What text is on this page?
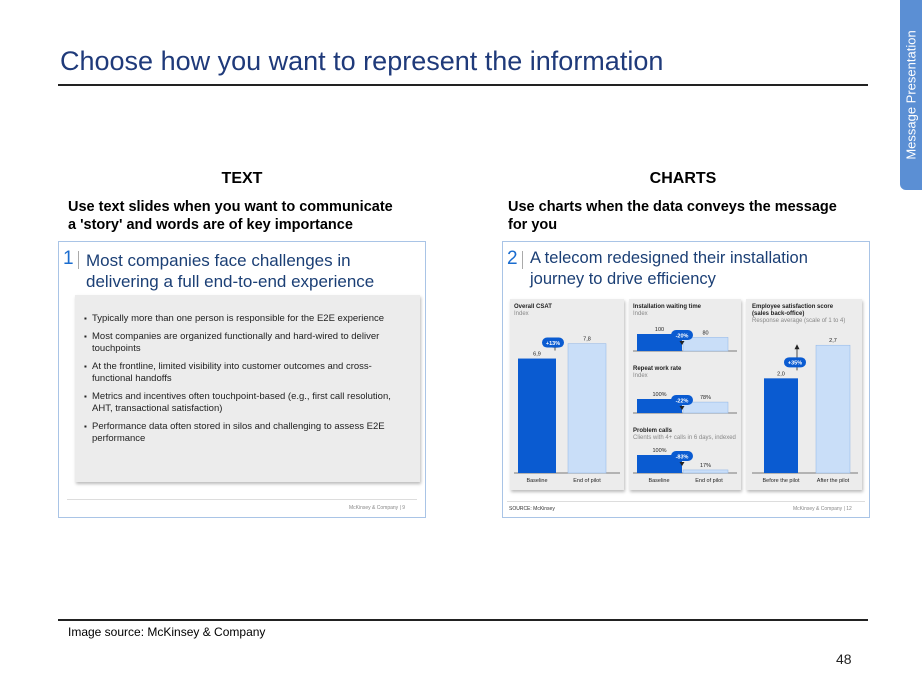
Message Presentation
Choose how you want to represent the information
TEXT
Use text slides when you want to communicate
a 'story' and words are of key importance
CHARTS
Use charts when the data conveys the message
for you
1 Most companies face challenges in
delivering a full end-to-end experience
▪ Typically more than one person is responsible for the E2E experience
▪ Most companies are organized functionally and hard-wired to deliver touchpoints
▪ At the frontline, limited visibility into customer outcomes and cross-functional handoffs
▪ Metrics and incentives often touchpoint-based (e.g., first call resolution, AHT, transactional satisfaction)
▪ Performance data often stored in silos and challenging to assess E2E performance
McKinsey & Company | 9
2 A telecom redesigned their installation
journey to drive efficiency
Overall CSAT
Index
6,9
Baseline
7,8
End of pilot
+13%
Installation waiting time
Index
Repeat work rate
Index
Problem calls
Clients with 4+ calls in 6 days, indexed
100
80
-20%
100%
78%
-22%
100%
17%
-83%
Baseline	End of pilot
Employee satisfaction score
(sales back-office)
Response average (scale of 1 to 4)
2,0
Before the pilot
2,7
After the pilot
+35%
SOURCE: McKinsey	McKinsey & Company | 12
Image source: McKinsey & Company
48
